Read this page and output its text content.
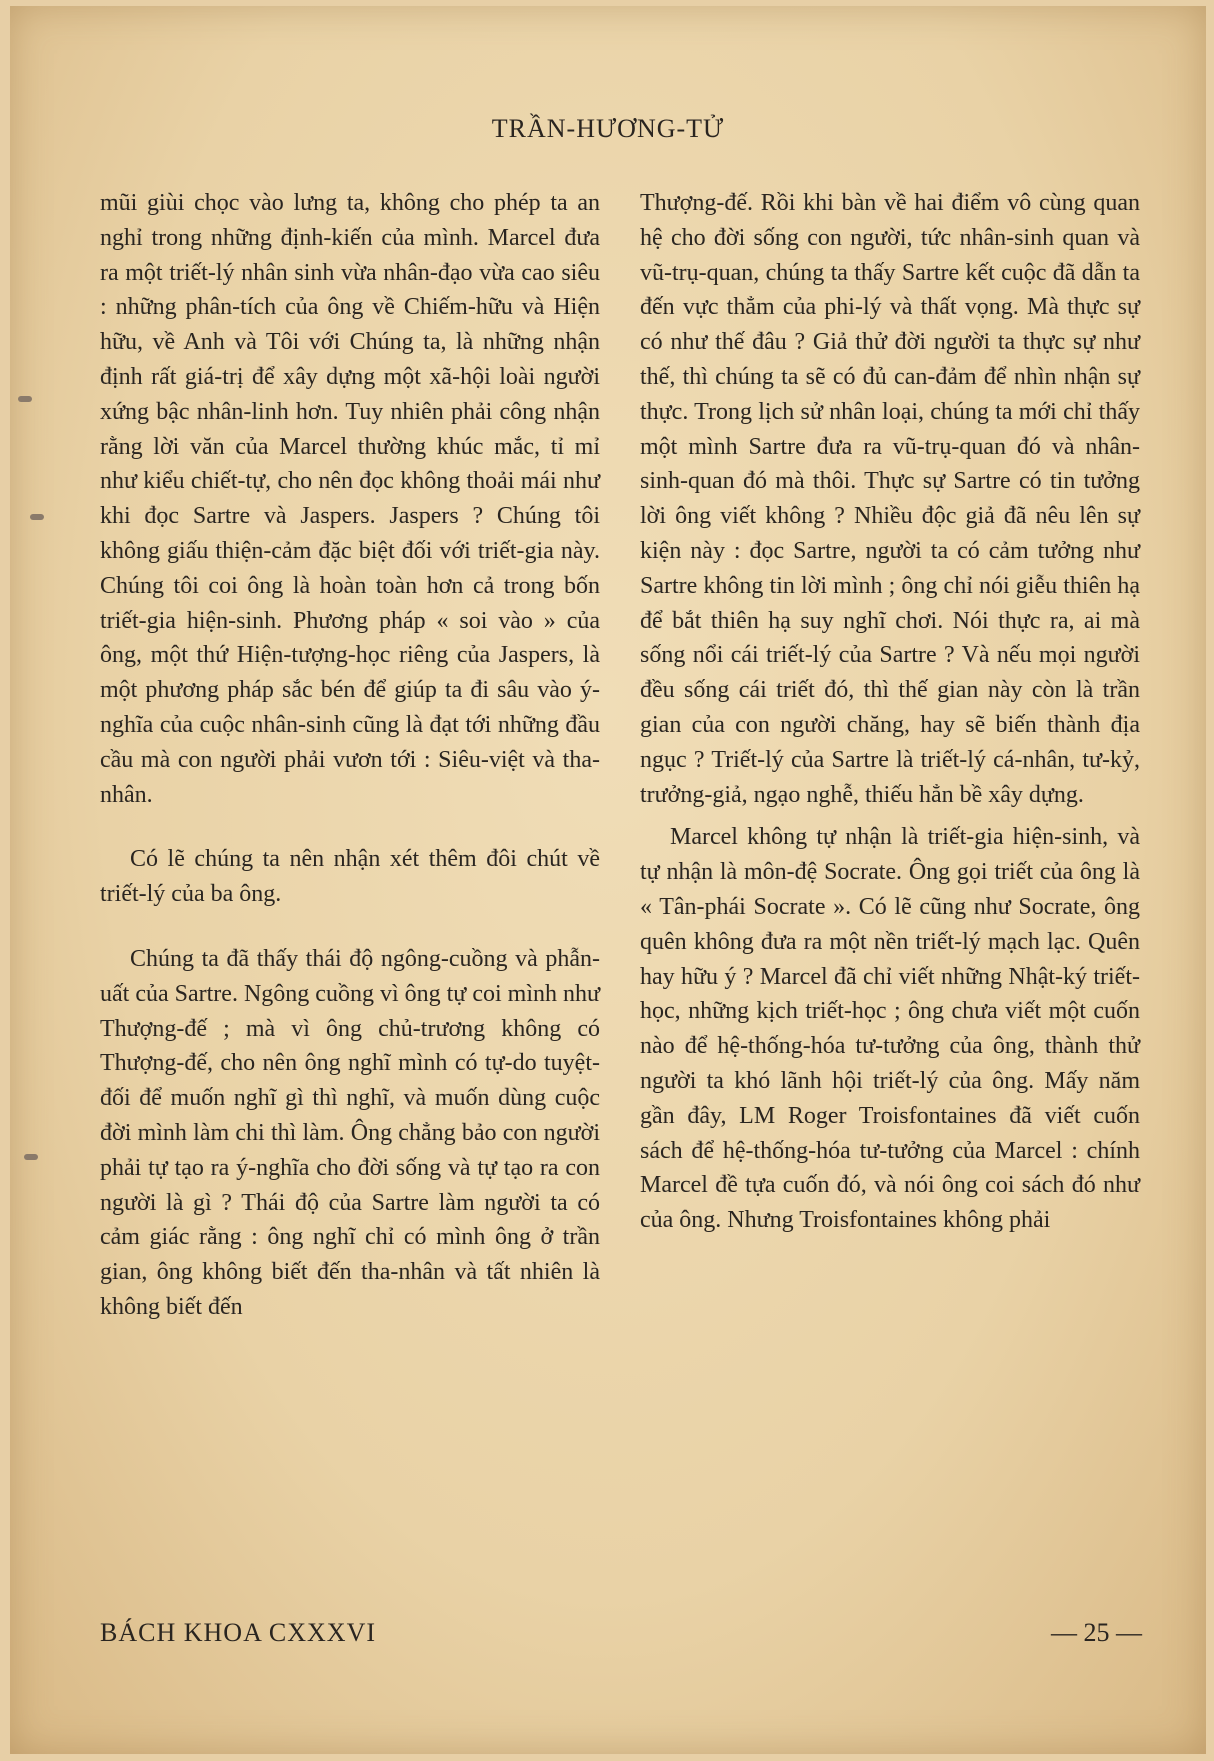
TRẦN-HƯƠNG-TỬ

mũi giùi chọc vào lưng ta, không cho phép ta an nghỉ trong những định-kiến của mình. Marcel đưa ra một triết-lý nhân sinh vừa nhân-đạo vừa cao siêu : những phân-tích của ông về Chiếm-hữu và Hiện hữu, về Anh và Tôi với Chúng ta, là những nhận định rất giá-trị để xây dựng một xã-hội loài người xứng bậc nhân-linh hơn. Tuy nhiên phải công nhận rằng lời văn của Marcel thường khúc mắc, tỉ mỉ như kiểu chiết-tự, cho nên đọc không thoải mái như khi đọc Sartre và Jaspers. Jaspers ? Chúng tôi không giấu thiện-cảm đặc biệt đối với triết-gia này. Chúng tôi coi ông là hoàn toàn hơn cả trong bốn triết-gia hiện-sinh. Phương pháp « soi vào » của ông, một thứ Hiện-tượng-học riêng của Jaspers, là một phương pháp sắc bén để giúp ta đi sâu vào ý-nghĩa của cuộc nhân-sinh cũng là đạt tới những đầu cầu mà con người phải vươn tới : Siêu-việt và tha-nhân.

Có lẽ chúng ta nên nhận xét thêm đôi chút về triết-lý của ba ông.

Chúng ta đã thấy thái độ ngông-cuồng và phẫn-uất của Sartre. Ngông cuồng vì ông tự coi mình như Thượng-đế ; mà vì ông chủ-trương không có Thượng-đế, cho nên ông nghĩ mình có tự-do tuyệt-đối để muốn nghĩ gì thì nghĩ, và muốn dùng cuộc đời mình làm chi thì làm. Ông chẳng bảo con người phải tự tạo ra ý-nghĩa cho đời sống và tự tạo ra con người là gì ? Thái độ của Sartre làm người ta có cảm giác rằng : ông nghĩ chỉ có mình ông ở trần gian, ông không biết đến tha-nhân và tất nhiên là không biết đến

Thượng-đế. Rồi khi bàn về hai điểm vô cùng quan hệ cho đời sống con người, tức nhân-sinh quan và vũ-trụ-quan, chúng ta thấy Sartre kết cuộc đã dẫn ta đến vực thẳm của phi-lý và thất vọng. Mà thực sự có như thế đâu ? Giả thử đời người ta thực sự như thế, thì chúng ta sẽ có đủ can-đảm để nhìn nhận sự thực. Trong lịch sử nhân loại, chúng ta mới chỉ thấy một mình Sartre đưa ra vũ-trụ-quan đó và nhân-sinh-quan đó mà thôi. Thực sự Sartre có tin tưởng lời ông viết không ? Nhiều độc giả đã nêu lên sự kiện này : đọc Sartre, người ta có cảm tưởng như Sartre không tin lời mình ; ông chỉ nói giễu thiên hạ để bắt thiên hạ suy nghĩ chơi. Nói thực ra, ai mà sống nổi cái triết-lý của Sartre ? Và nếu mọi người đều sống cái triết đó, thì thế gian này còn là trần gian của con người chăng, hay sẽ biến thành địa ngục ? Triết-lý của Sartre là triết-lý cá-nhân, tư-kỷ, trưởng-giả, ngạo nghễ, thiếu hẳn bề xây dựng.

Marcel không tự nhận là triết-gia hiện-sinh, và tự nhận là môn-đệ Socrate. Ông gọi triết của ông là « Tân-phái Socrate ». Có lẽ cũng như Socrate, ông quên không đưa ra một nền triết-lý mạch lạc. Quên hay hữu ý ? Marcel đã chỉ viết những Nhật-ký triết-học, những kịch triết-học ; ông chưa viết một cuốn nào để hệ-thống-hóa tư-tưởng của ông, thành thử người ta khó lãnh hội triết-lý của ông. Mấy năm gần đây, LM Roger Troisfontaines đã viết cuốn sách để hệ-thống-hóa tư-tưởng của Marcel : chính Marcel đề tựa cuốn đó, và nói ông coi sách đó như của ông. Nhưng Troisfontaines không phải

BÁCH KHOA CXXXVI	— 25 —
